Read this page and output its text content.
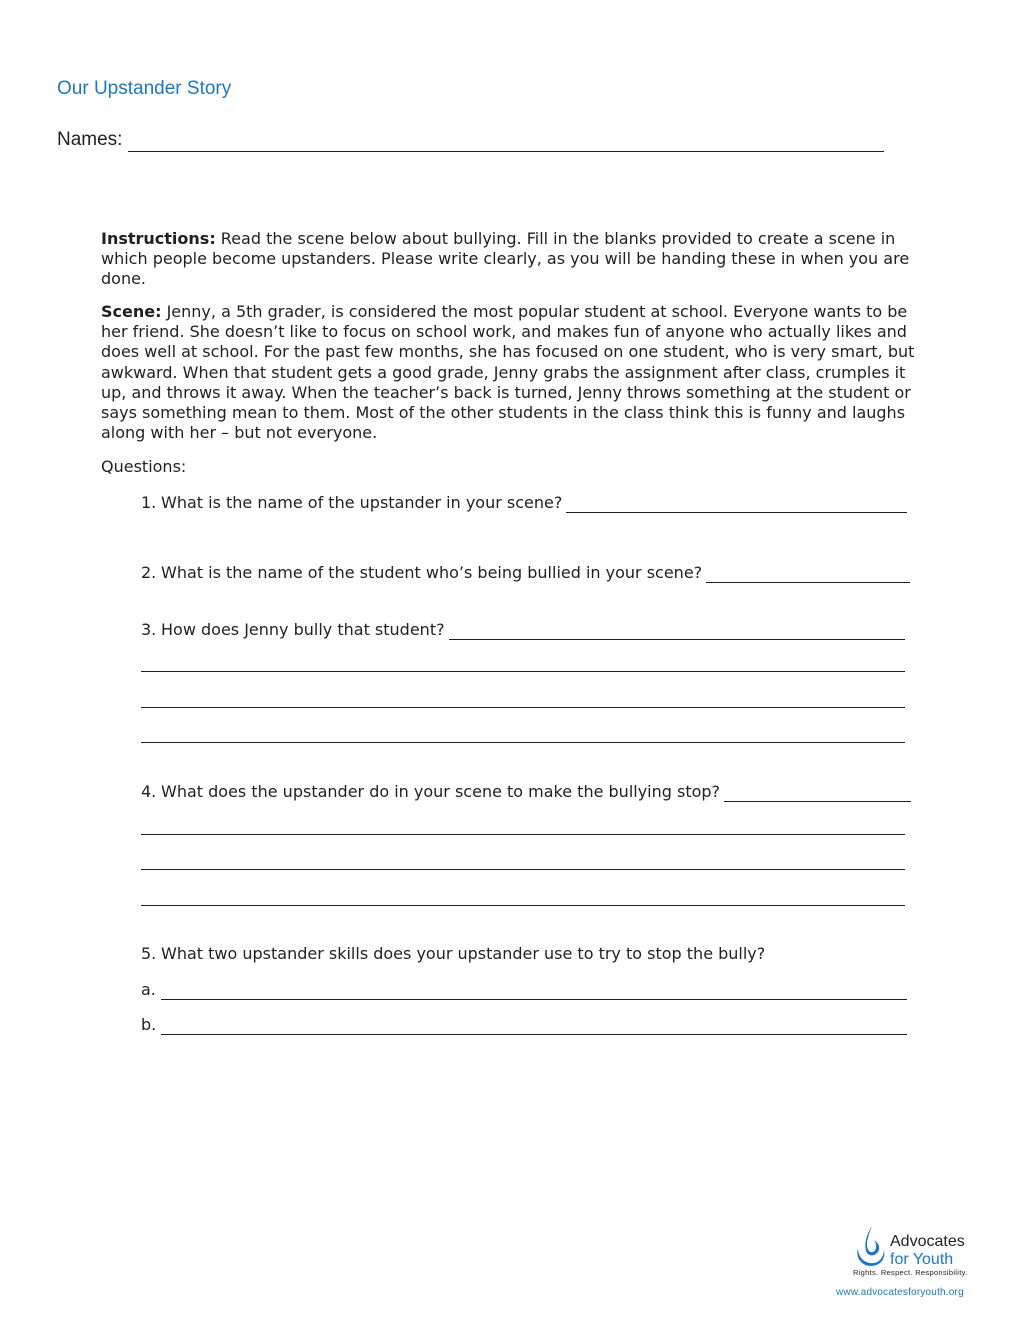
Our Upstander Story
Names:

Instructions: Read the scene below about bullying. Fill in the blanks provided to create a scene in which people become upstanders. Please write clearly, as you will be handing these in when you are done.

Scene: Jenny, a 5th grader, is considered the most popular student at school. Everyone wants to be her friend. She doesn’t like to focus on school work, and makes fun of anyone who actually likes and does well at school. For the past few months, she has focused on one student, who is very smart, but awkward. When that student gets a good grade, Jenny grabs the assignment after class, crumples it up, and throws it away. When the teacher’s back is turned, Jenny throws something at the student or says something mean to them. Most of the other students in the class think this is funny and laughs along with her – but not everyone.

Questions:
1. What is the name of the upstander in your scene?
2. What is the name of the student who’s being bullied in your scene?
3. How does Jenny bully that student?
4. What does the upstander do in your scene to make the bullying stop?
5. What two upstander skills does your upstander use to try to stop the bully?
a.
b.

Advocates
for Youth

Rights. Respect. Responsibility.

www.advocatesforyouth.org
